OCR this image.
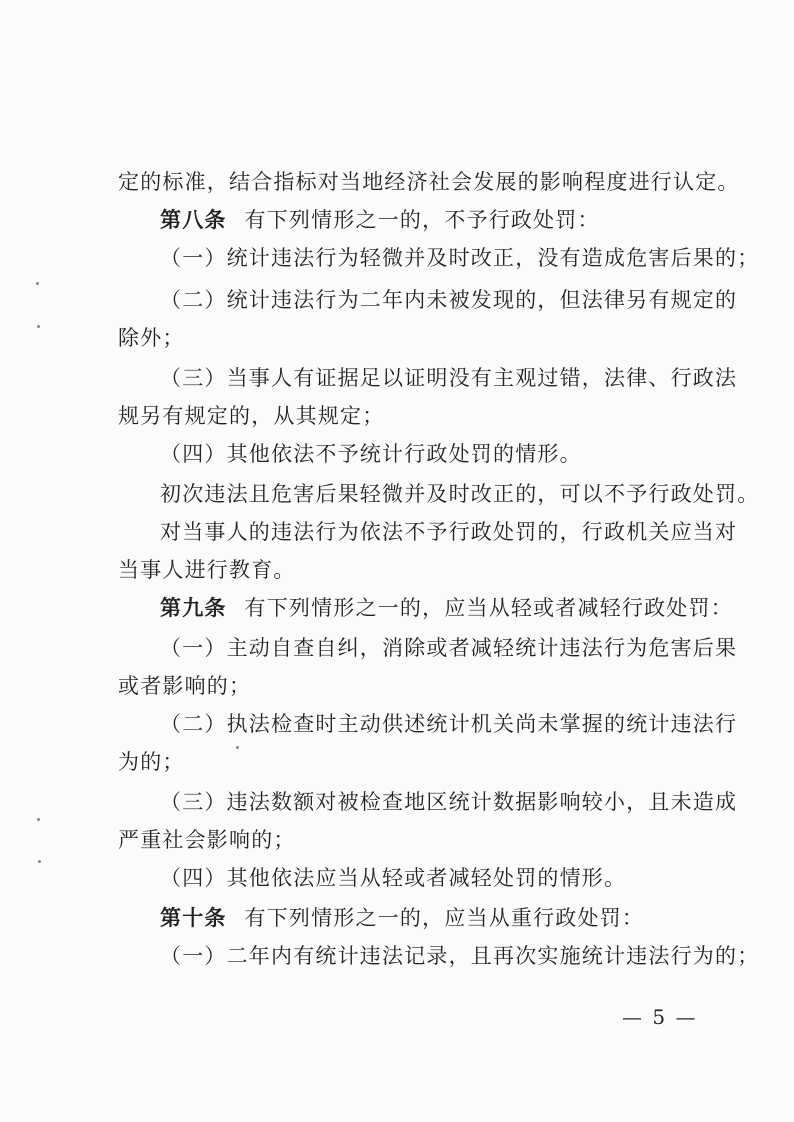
定的标准，结合指标对当地经济社会发展的影响程度进行认定。
第八条 有下列情形之一的，不予行政处罚：
（一）统计违法行为轻微并及时改正，没有造成危害后果的；
（二）统计违法行为二年内未被发现的，但法律另有规定的
除外；
（三）当事人有证据足以证明没有主观过错，法律、行政法
规另有规定的，从其规定；
（四）其他依法不予统计行政处罚的情形。
初次违法且危害后果轻微并及时改正的，可以不予行政处罚。
对当事人的违法行为依法不予行政处罚的，行政机关应当对
当事人进行教育。
第九条 有下列情形之一的，应当从轻或者减轻行政处罚：
（一）主动自查自纠，消除或者减轻统计违法行为危害后果
或者影响的；
（二）执法检查时主动供述统计机关尚未掌握的统计违法行
为的；
（三）违法数额对被检查地区统计数据影响较小，且未造成
严重社会影响的；
（四）其他依法应当从轻或者减轻处罚的情形。
第十条 有下列情形之一的，应当从重行政处罚：
（一）二年内有统计违法记录，且再次实施统计违法行为的；
— 5 —
